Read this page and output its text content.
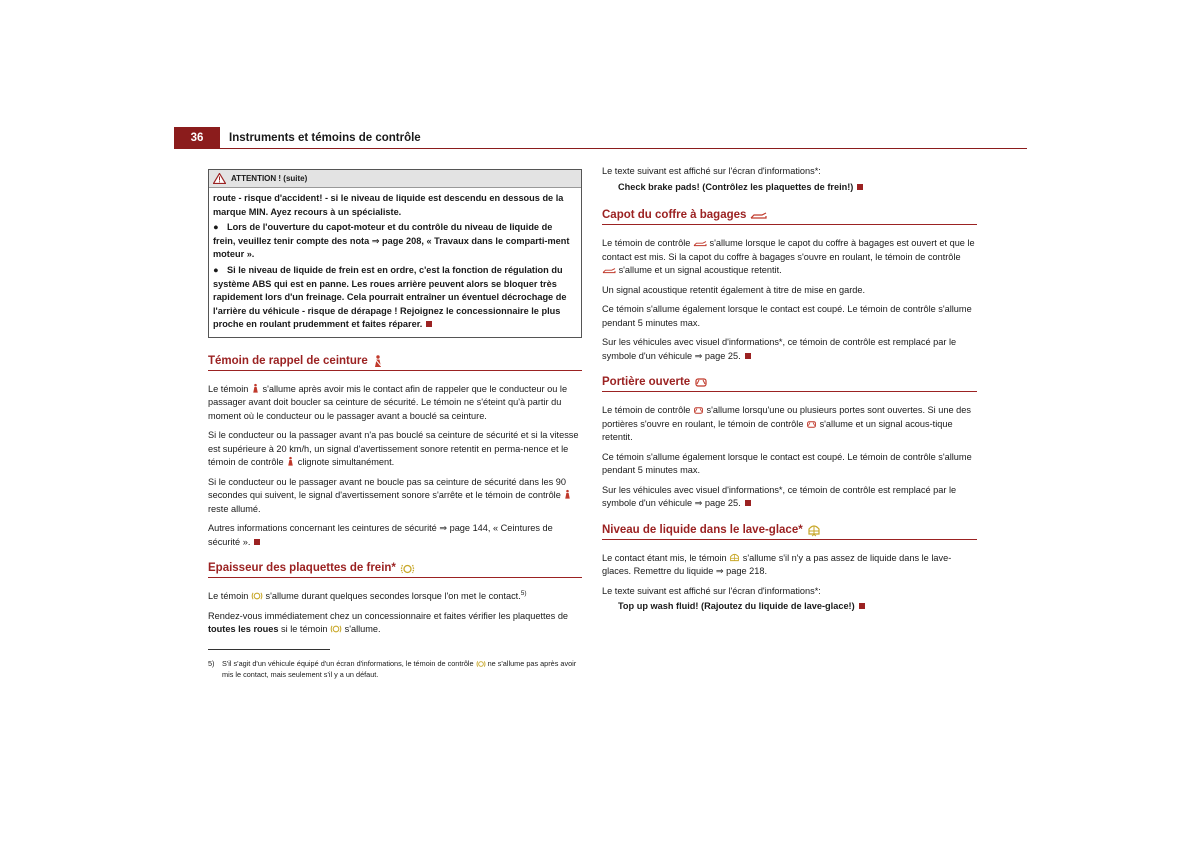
36	Instruments et témoins de contrôle
ATTENTION ! (suite)

route - risque d'accident! - si le niveau de liquide est descendu en dessous de la marque MIN. Ayez recours à un spécialiste.

● Lors de l'ouverture du capot-moteur et du contrôle du niveau de liquide de frein, veuillez tenir compte des nota ⇒ page 208, « Travaux dans le comparti-ment moteur ».

● Si le niveau de liquide de frein est en ordre, c'est la fonction de régulation du système ABS qui est en panne. Les roues arrière peuvent alors se bloquer très rapidement lors d'un freinage. Cela pourrait entraîner un éventuel décrochage de l'arrière du véhicule - risque de dérapage ! Rejoignez le concessionnaire le plus proche en roulant prudemment et faites réparer.

Témoin de rappel de ceinture

Le témoin s'allume après avoir mis le contact afin de rappeler que le conducteur ou le passager avant doit boucler sa ceinture de sécurité. Le témoin ne s'éteint qu'à partir du moment où le conducteur ou le passager avant a bouclé sa ceinture.

Si le conducteur ou la passager avant n'a pas bouclé sa ceinture de sécurité et si la vitesse est supérieure à 20 km/h, un signal d'avertissement sonore retentit en perma-nence et le témoin de contrôle clignote simultanément.

Si le conducteur ou le passager avant ne boucle pas sa ceinture de sécurité dans les 90 secondes qui suivent, le signal d'avertissement sonore s'arrête et le témoin de contrôle  reste allumé.

Autres informations concernant les ceintures de sécurité ⇒ page 144, « Ceintures de sécurité ».

Epaisseur des plaquettes de frein*

Le témoin s'allume durant quelques secondes lorsque l'on met le contact.$^{5)}$

Rendez-vous immédiatement chez un concessionnaire et faites vérifier les plaquettes de toutes les roues si le témoin s'allume.

5) S'il s'agit d'un véhicule équipé d'un écran d'informations, le témoin de contrôle ne s'allume pas après avoir mis le contact, mais seulement s'il y a un défaut.

Le texte suivant est affiché sur l'écran d'informations*:

Check brake pads! (Contrôlez les plaquettes de frein!)

Capot du coffre à bagages

Le témoin de contrôle s'allume lorsque le capot du coffre à bagages est ouvert et que le contact est mis. Si la capot du coffre à bagages s'ouvre en roulant, le témoin de contrôle  s'allume et un signal acoustique retentit.

Un signal acoustique retentit également à titre de mise en garde.

Ce témoin s'allume également lorsque le contact est coupé. Le témoin de contrôle s'allume pendant 5 minutes max.

Sur les véhicules avec visuel d'informations*, ce témoin de contrôle est remplacé par le symbole d'un véhicule ⇒ page 25.

Portière ouverte

Le témoin de contrôle s'allume lorsqu'une ou plusieurs portes sont ouvertes. Si une des portières s'ouvre en roulant, le témoin de contrôle s'allume et un signal acous-tique retentit.

Ce témoin s'allume également lorsque le contact est coupé. Le témoin de contrôle s'allume pendant 5 minutes max.

Sur les véhicules avec visuel d'informations*, ce témoin de contrôle est remplacé par le symbole d'un véhicule ⇒ page 25.

Niveau de liquide dans le lave-glace*

Le contact étant mis, le témoin s'allume s'il n'y a pas assez de liquide dans le lave-glaces. Remettre du liquide ⇒ page 218.

Le texte suivant est affiché sur l'écran d'informations*:

Top up wash fluid! (Rajoutez du liquide de lave-glace!)
